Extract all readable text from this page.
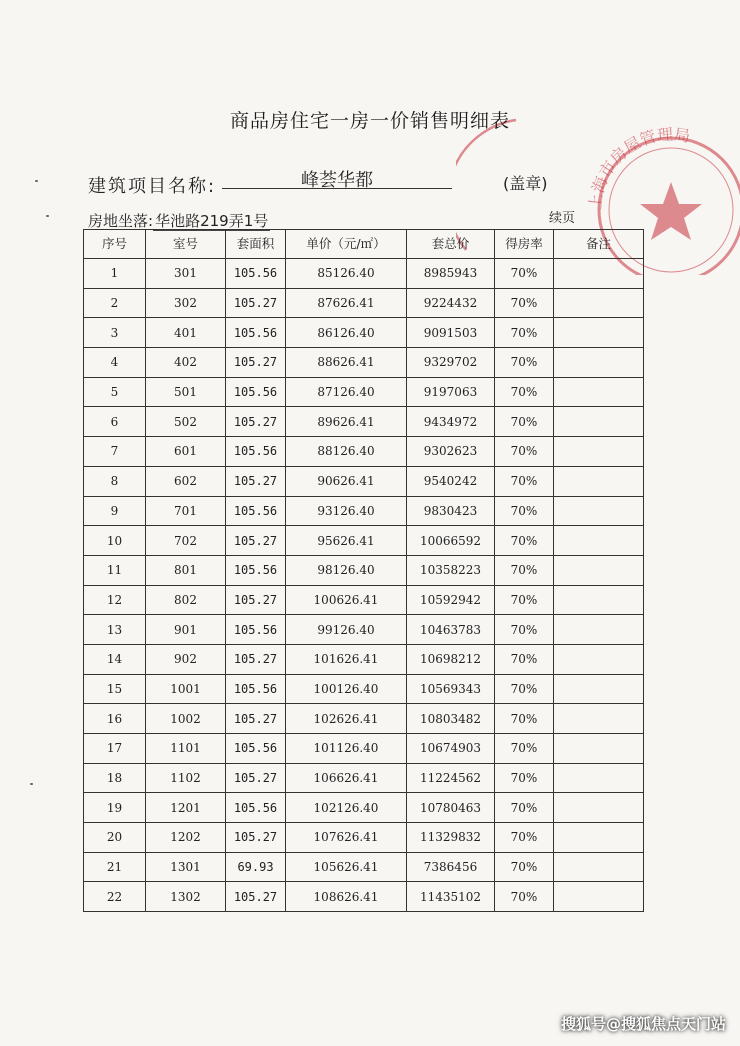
上海市房屋管理局
商品房住宅一房一价销售明细表
建筑项目名称:	峰荟华都	(盖章)
房地坐落: 华池路219弄1号	续页
序号	室号	套面积	单价（元/㎡）	套总价	得房率	备注
1	301	105.56	85126.40	8985943	70%	
2	302	105.27	87626.41	9224432	70%	
3	401	105.56	86126.40	9091503	70%	
4	402	105.27	88626.41	9329702	70%	
5	501	105.56	87126.40	9197063	70%	
6	502	105.27	89626.41	9434972	70%	
7	601	105.56	88126.40	9302623	70%	
8	602	105.27	90626.41	9540242	70%	
9	701	105.56	93126.40	9830423	70%	
10	702	105.27	95626.41	10066592	70%	
11	801	105.56	98126.40	10358223	70%	
12	802	105.27	100626.41	10592942	70%	
13	901	105.56	99126.40	10463783	70%	
14	902	105.27	101626.41	10698212	70%	
15	1001	105.56	100126.40	10569343	70%	
16	1002	105.27	102626.41	10803482	70%	
17	1101	105.56	101126.40	10674903	70%	
18	1102	105.27	106626.41	11224562	70%	
19	1201	105.56	102126.40	10780463	70%	
20	1202	105.27	107626.41	11329832	70%	
21	1301	69.93	105626.41	7386456	70%	
22	1302	105.27	108626.41	11435102	70%	
搜狐号@搜狐焦点天门站
